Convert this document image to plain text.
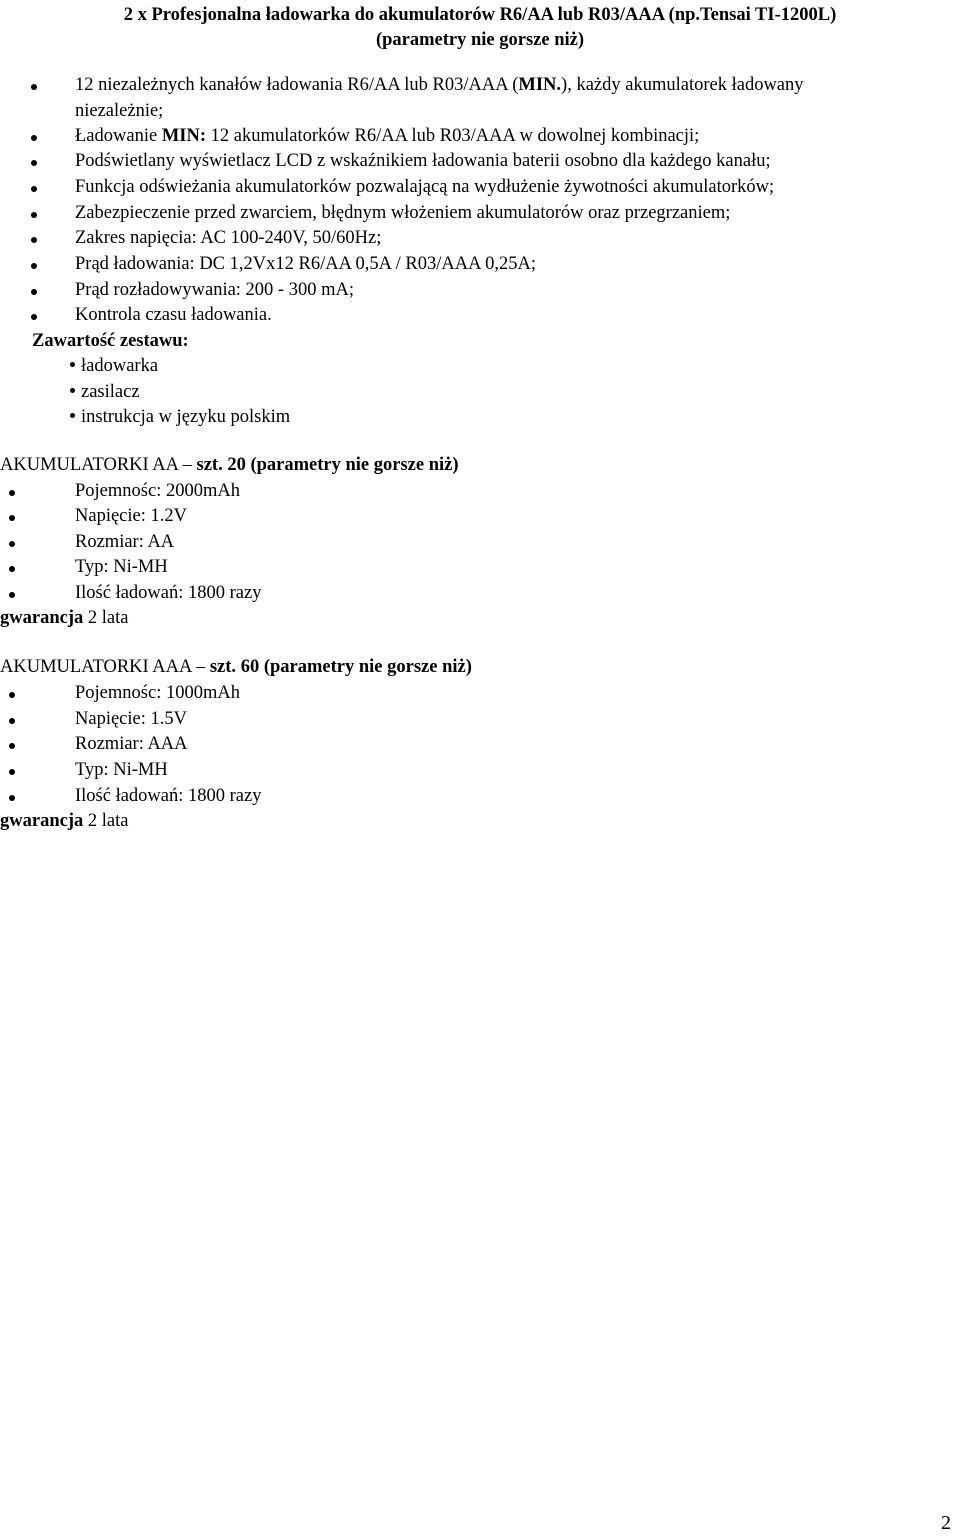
2 x Profesjonalna ładowarka do akumulatorów R6/AA lub R03/AAA (np.Tensai TI-1200L)
(parametry nie gorsze niż)
12 niezależnych kanałów ładowania R6/AA lub R03/AAA (MIN.), każdy akumulatorek ładowany
niezależnie;
Ładowanie MIN: 12 akumulatorków R6/AA lub R03/AAA w dowolnej kombinacji;
Podświetlany wyświetlacz LCD z wskaźnikiem ładowania baterii osobno dla każdego kanału;
Funkcja odświeżania akumulatorków pozwalającą na wydłużenie żywotności akumulatorków;
Zabezpieczenie przed zwarciem, błędnym włożeniem akumulatorów oraz przegrzaniem;
Zakres napięcia: AC 100-240V, 50/60Hz;
Prąd ładowania: DC 1,2Vx12 R6/AA 0,5A / R03/AAA 0,25A;
Prąd rozładowywania: 200 - 300 mA;
Kontrola czasu ładowania.
Zawartość zestawu:
ładowarka
zasilacz
instrukcja w języku polskim
AKUMULATORKI AA – szt. 20 (parametry nie gorsze niż)
Pojemnośc: 2000mAh
Napięcie: 1.2V
Rozmiar: AA
Typ: Ni-MH
Ilość ładowań: 1800 razy
gwarancja 2 lata
AKUMULATORKI AAA – szt. 60 (parametry nie gorsze niż)
Pojemnośc: 1000mAh
Napięcie: 1.5V
Rozmiar: AAA
Typ: Ni-MH
Ilość ładowań: 1800 razy
gwarancja 2 lata
2
